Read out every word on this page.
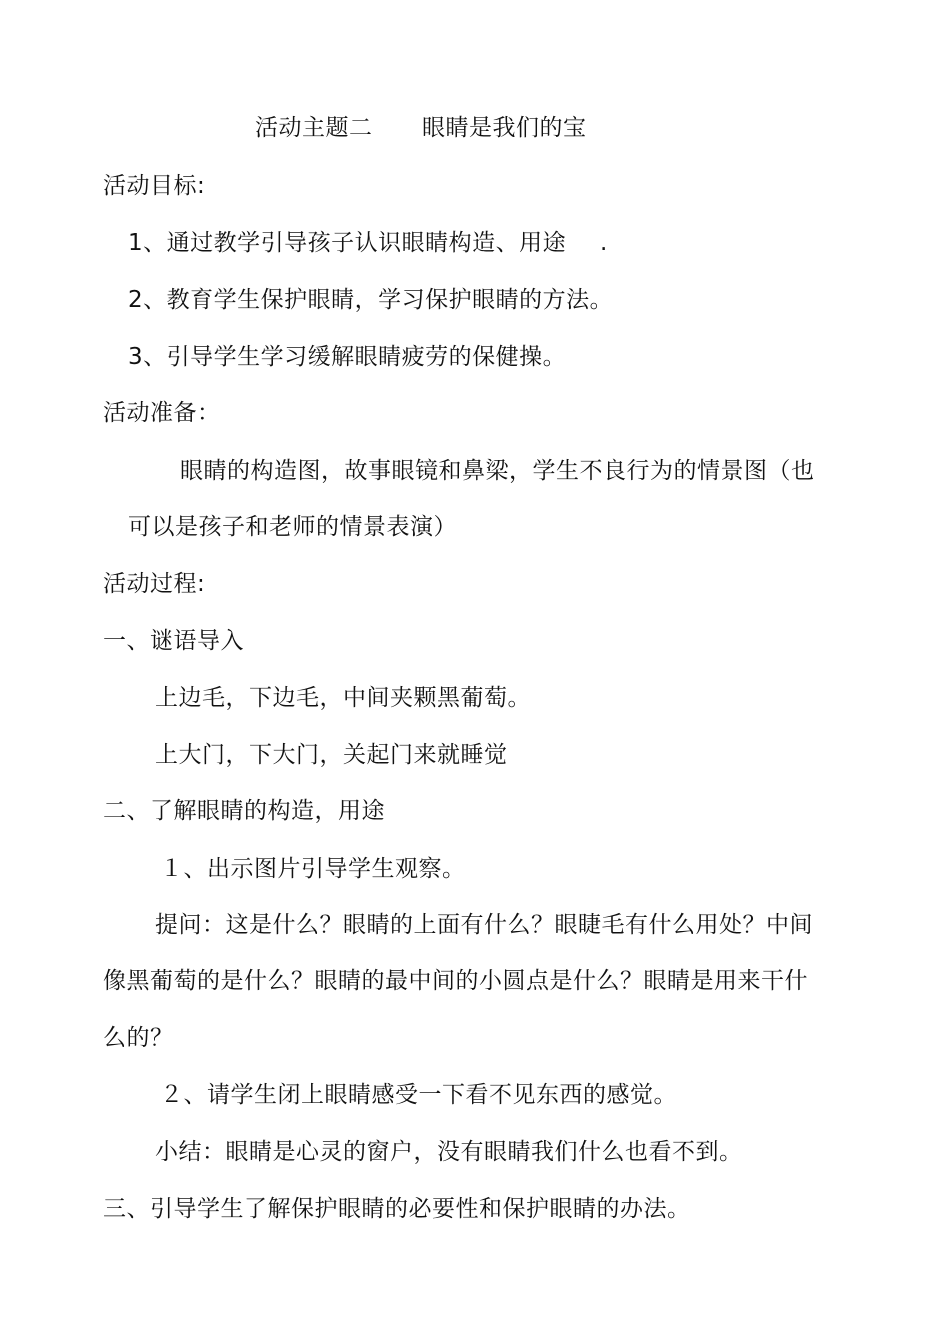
活动主题二 眼睛是我们的宝

活动目标:

1、通过教学引导孩子认识眼睛构造、用途 .

2、教育学生保护眼睛，学习保护眼睛的方法。

3、引导学生学习缓解眼睛疲劳的保健操。

活动准备：

眼睛的构造图，故事眼镜和鼻梁，学生不良行为的情景图（也

可以是孩子和老师的情景表演）

活动过程:

一、谜语导入

上边毛，下边毛，中间夹颗黑葡萄。

上大门，下大门，关起门来就睡觉

二、了解眼睛的构造，用途

１、出示图片引导学生观察。

提问：这是什么？眼睛的上面有什么？眼睫毛有什么用处？中间

像黑葡萄的是什么？眼睛的最中间的小圆点是什么？眼睛是用来干什

么的？

２、请学生闭上眼睛感受一下看不见东西的感觉。

小结：眼睛是心灵的窗户，没有眼睛我们什么也看不到。

三、引导学生了解保护眼睛的必要性和保护眼睛的办法。
